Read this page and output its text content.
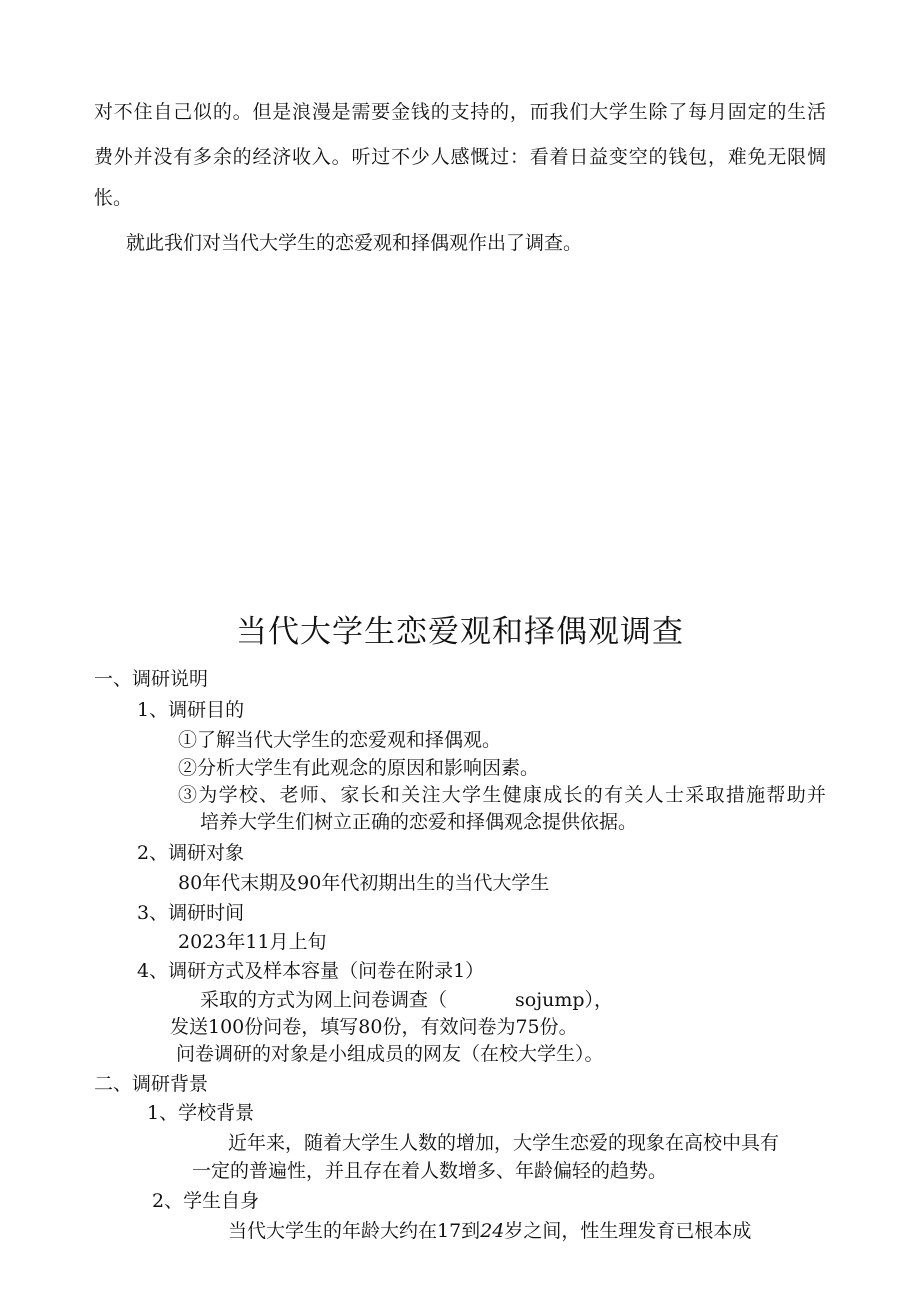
对不住自己似的。但是浪漫是需要金钱的支持的，而我们大学生除了每月固定的生活
费外并没有多余的经济收入。听过不少人感慨过：看着日益变空的钱包，难免无限惆
怅。
就此我们对当代大学生的恋爱观和择偶观作出了调查。
当代大学生恋爱观和择偶观调查
一、调研说明
1、调研目的
①了解当代大学生的恋爱观和择偶观。
②分析大学生有此观念的原因和影响因素。
③为学校、老师、家长和关注大学生健康成长的有关人士采取措施帮助并
培养大学生们树立正确的恋爱和择偶观念提供依据。
2、调研对象
80年代末期及90年代初期出生的当代大学生
3、调研时间
2023年11月上旬
4、调研方式及样本容量（问卷在附录1）
采取的方式为网上问卷调查（	sojump），
发送100份问卷，填写80份，有效问卷为75份。
问卷调研的对象是小组成员的网友（在校大学生）。
二、调研背景
1、学校背景
近年来，随着大学生人数的增加，大学生恋爱的现象在高校中具有
一定的普遍性，并且存在着人数增多、年龄偏轻的趋势。
2、学生自身
当代大学生的年龄大约在17到24岁之间，性生理发育已根本成
